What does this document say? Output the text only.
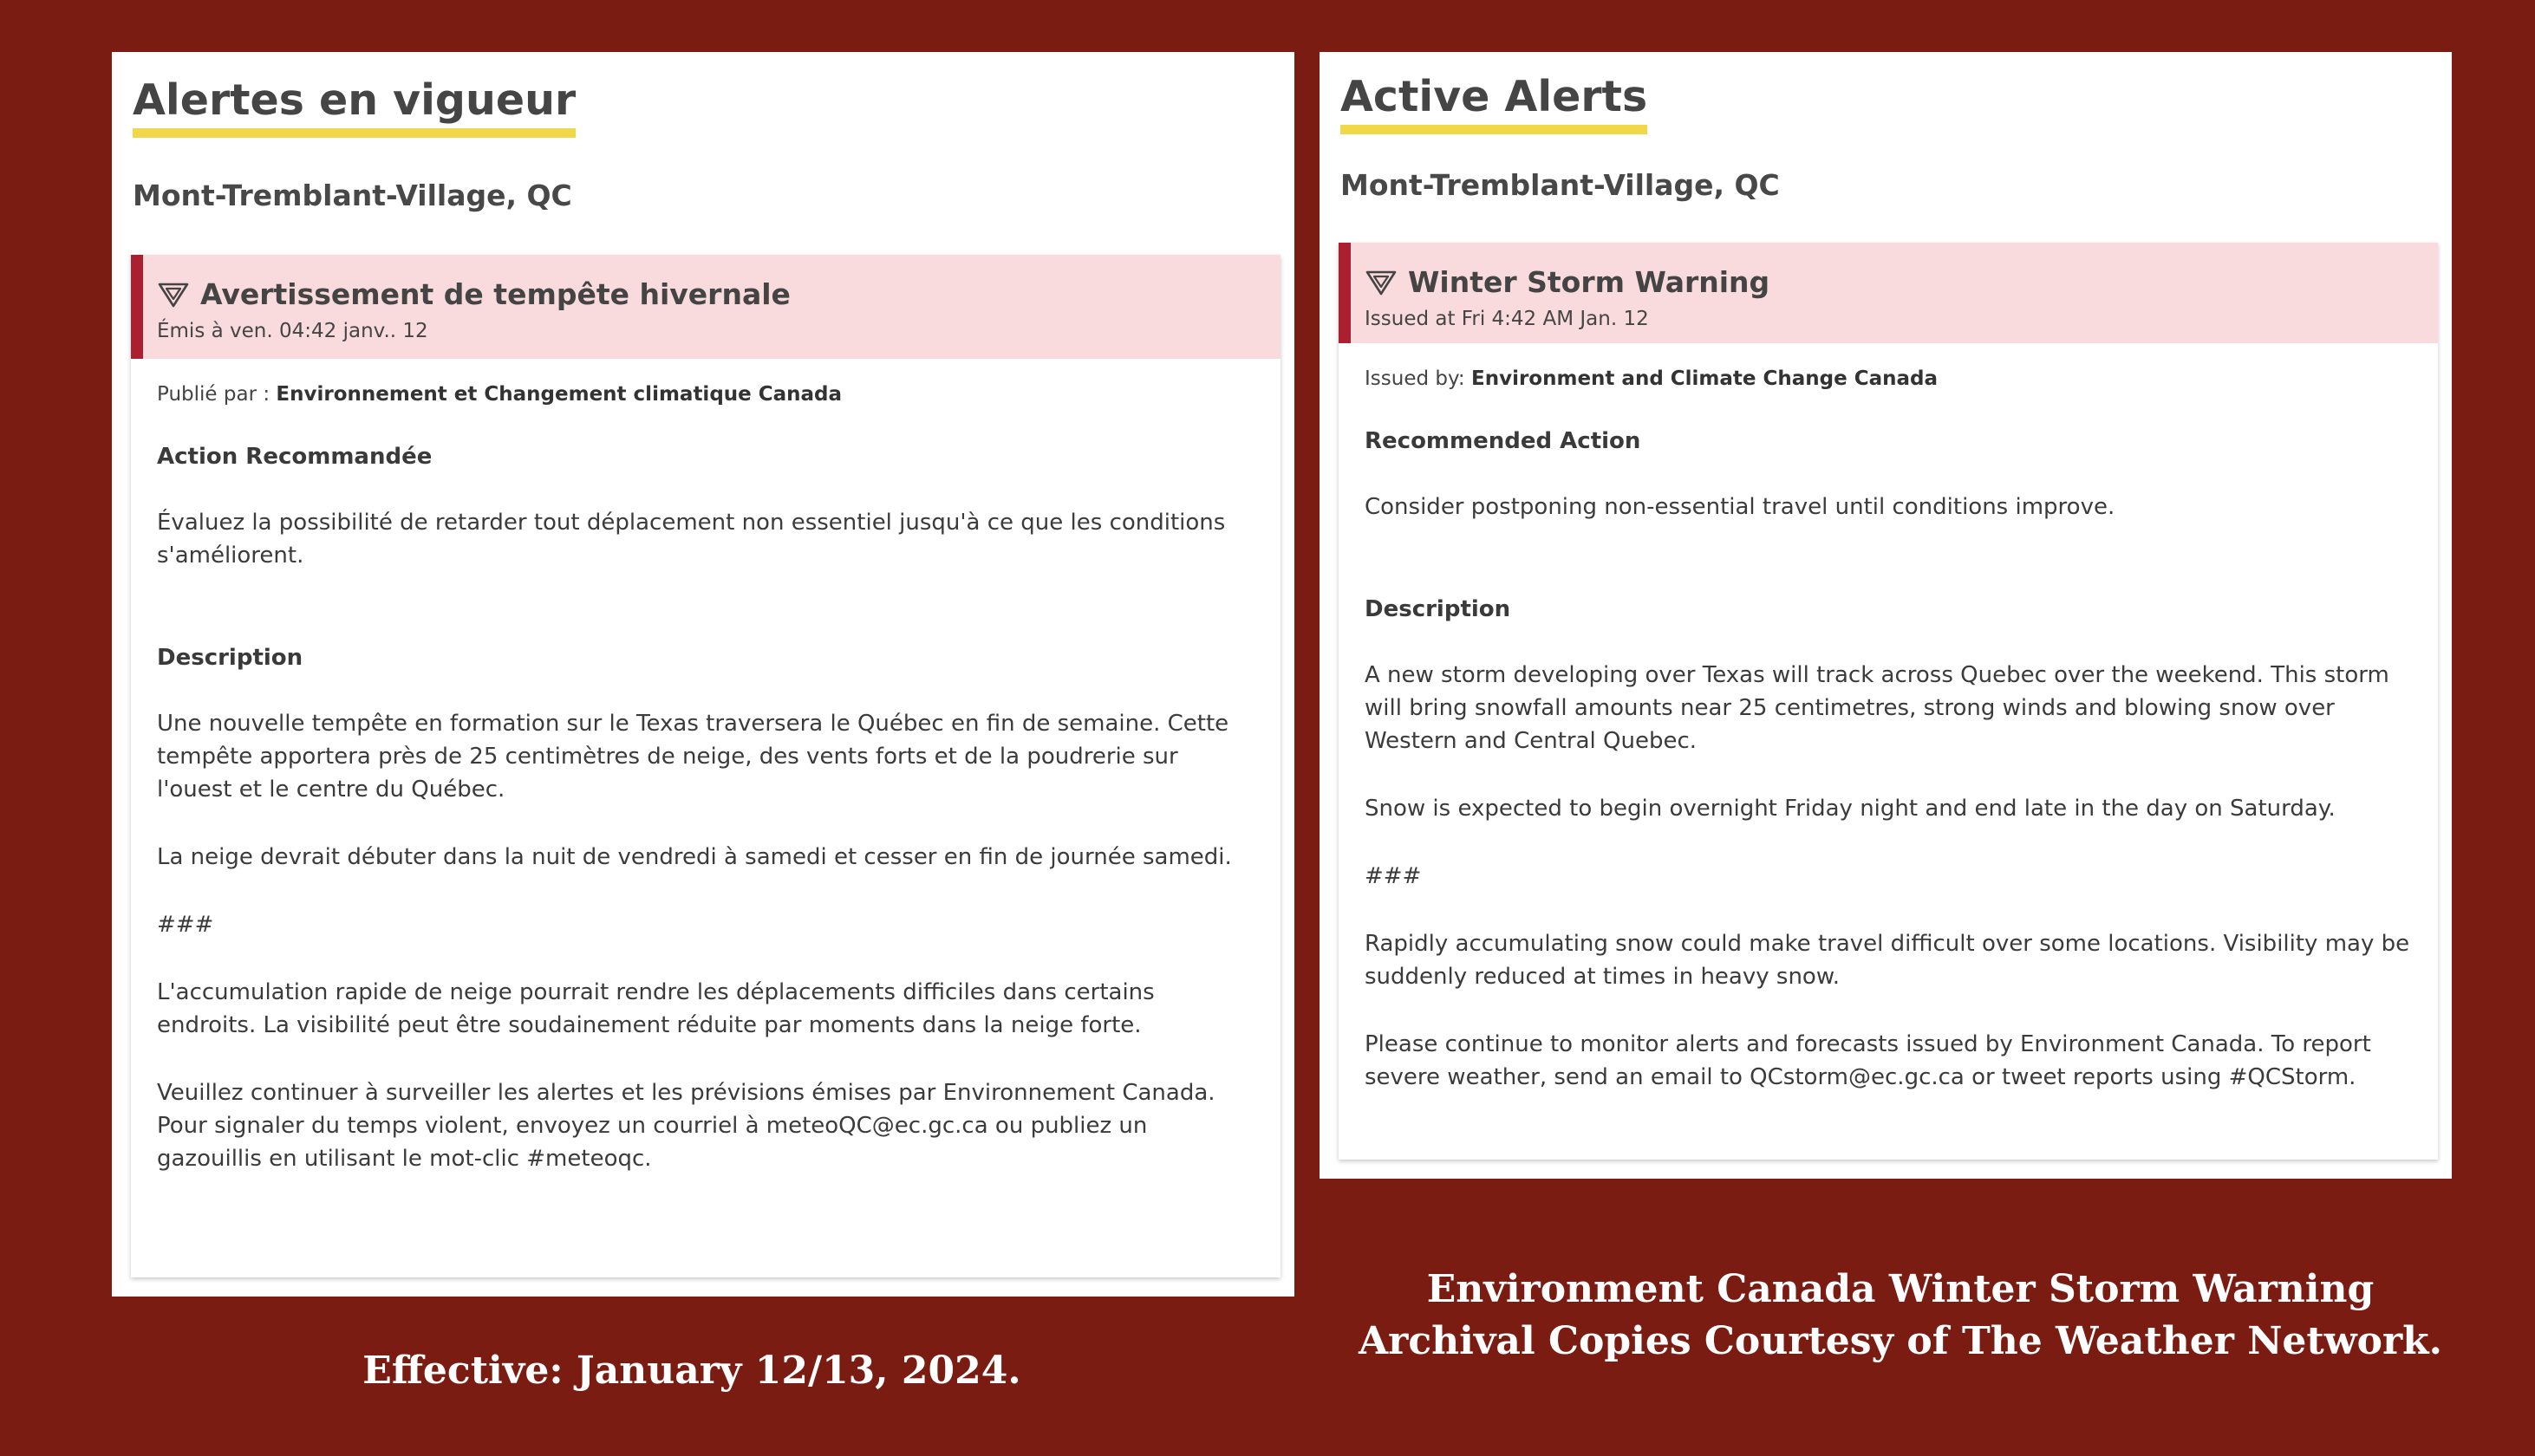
Alertes en vigueur
Mont-Tremblant-Village, QC
Avertissement de tempête hivernale
Émis à ven. 04:42 janv.. 12

Publié par : Environnement et Changement climatique Canada

Action Recommandée

Évaluez la possibilité de retarder tout déplacement non essentiel jusqu'à ce que les conditions s'améliorent.

Description

Une nouvelle tempête en formation sur le Texas traversera le Québec en fin de semaine. Cette tempête apportera près de 25 centimètres de neige, des vents forts et de la poudrerie sur l'ouest et le centre du Québec.

La neige devrait débuter dans la nuit de vendredi à samedi et cesser en fin de journée samedi.

###

L'accumulation rapide de neige pourrait rendre les déplacements difficiles dans certains endroits. La visibilité peut être soudainement réduite par moments dans la neige forte.

Veuillez continuer à surveiller les alertes et les prévisions émises par Environnement Canada. Pour signaler du temps violent, envoyez un courriel à meteoQC@ec.gc.ca ou publiez un gazouillis en utilisant le mot-clic #meteoqc.

Active Alerts
Mont-Tremblant-Village, QC
Winter Storm Warning
Issued at Fri 4:42 AM Jan. 12

Issued by: Environment and Climate Change Canada

Recommended Action

Consider postponing non-essential travel until conditions improve.

Description

A new storm developing over Texas will track across Quebec over the weekend. This storm will bring snowfall amounts near 25 centimetres, strong winds and blowing snow over Western and Central Quebec.

Snow is expected to begin overnight Friday night and end late in the day on Saturday.

###

Rapidly accumulating snow could make travel difficult over some locations. Visibility may be suddenly reduced at times in heavy snow.

Please continue to monitor alerts and forecasts issued by Environment Canada. To report severe weather, send an email to QCstorm@ec.gc.ca or tweet reports using #QCStorm.

Effective: January 12/13, 2024.
Environment Canada Winter Storm Warning
Archival Copies Courtesy of The Weather Network.
